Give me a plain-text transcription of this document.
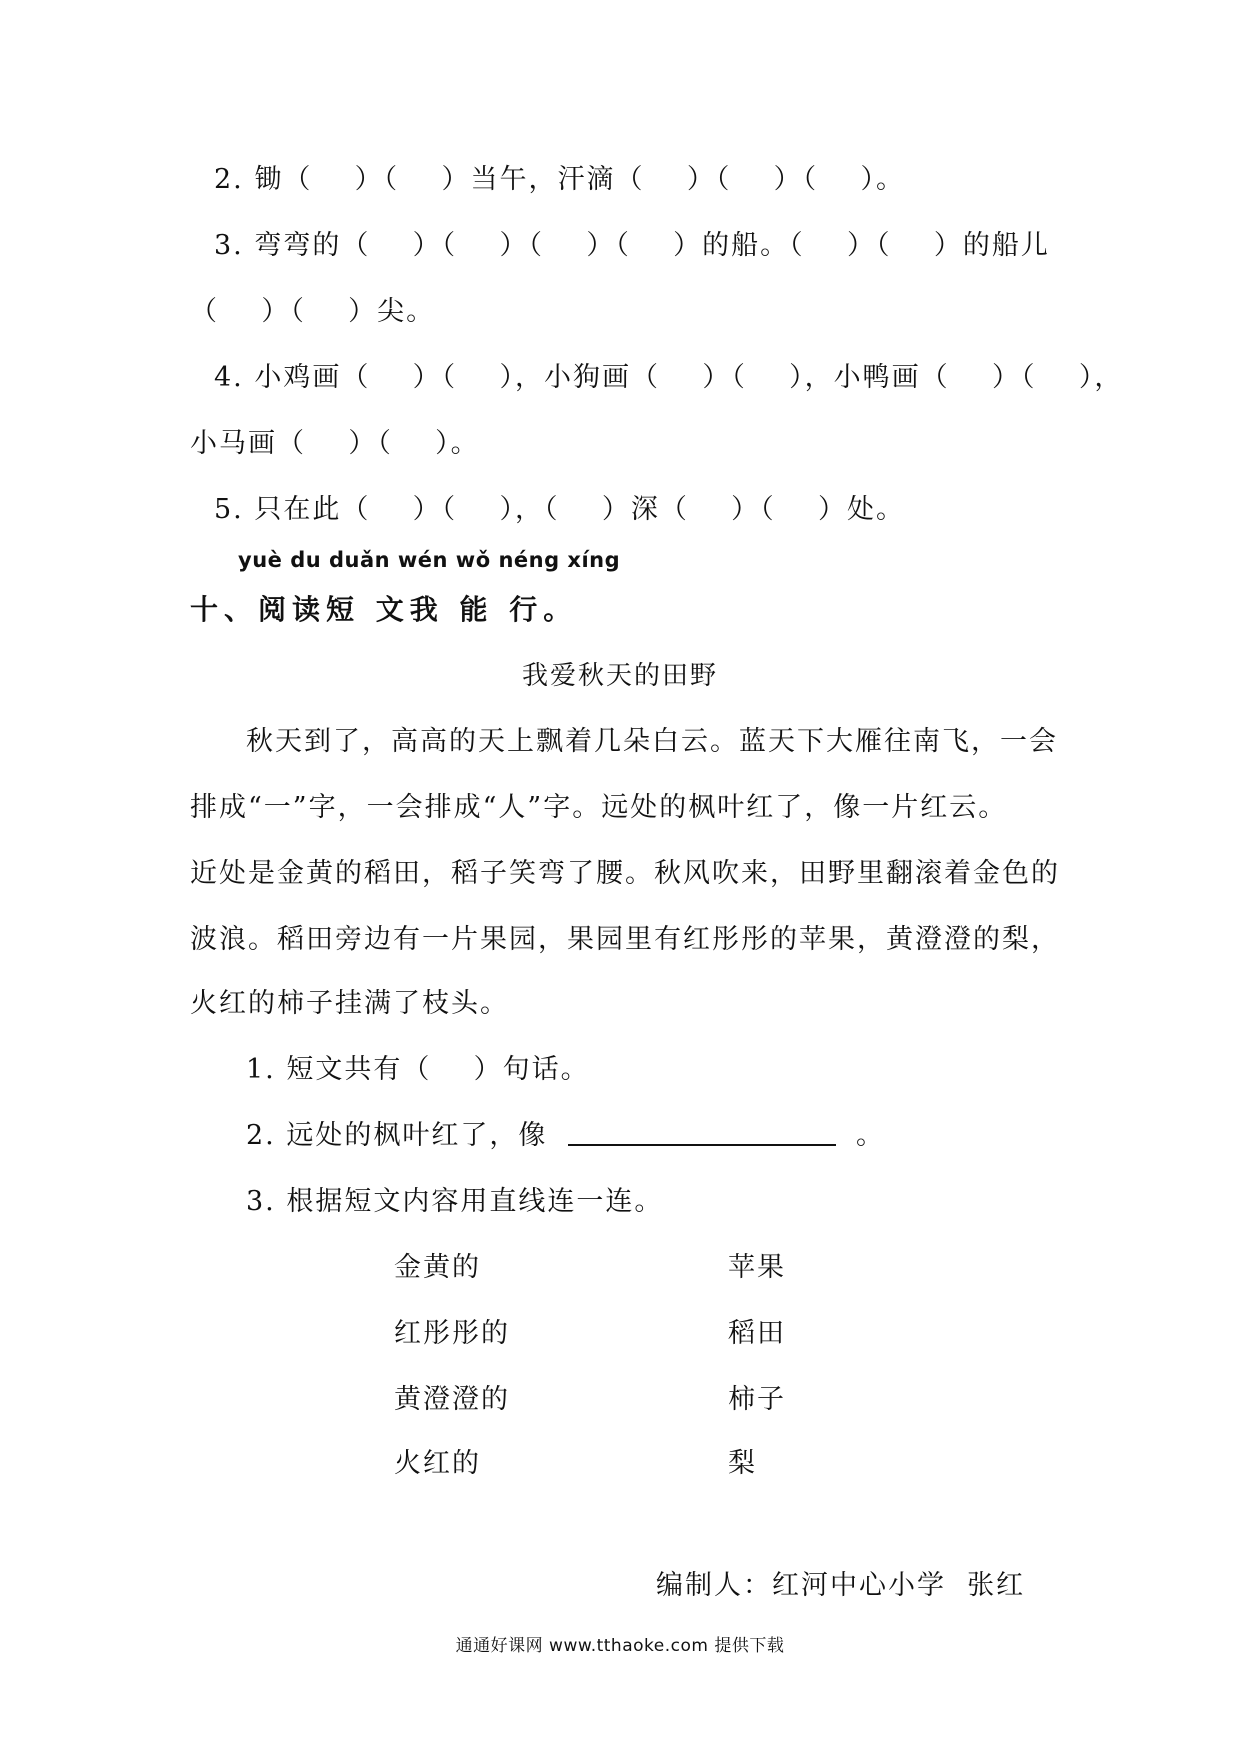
2. 锄（    ）（    ）当午，汗滴（    ）（    ）（    ）。
3. 弯弯的（    ）（    ）（    ）（    ）的船。（    ）（    ）的船儿
（    ）（    ）尖。
4. 小鸡画（    ）（    ），小狗画（    ）（    ），小鸭画（    ）（    ），
小马画（    ）（    ）。
5. 只在此（    ）（    ），（    ）深（    ）（    ）处。
yuè du duǎn wén wǒ néng xíng
十、阅读短 文我 能 行。
我爱秋天的田野
秋天到了，高高的天上飘着几朵白云。蓝天下大雁往南飞，一会
排成“一”字，一会排成“人”字。远处的枫叶红了，像一片红云。
近处是金黄的稻田，稻子笑弯了腰。秋风吹来，田野里翻滚着金色的
波浪。稻田旁边有一片果园，果园里有红彤彤的苹果，黄澄澄的梨，
火红的柿子挂满了枝头。
1. 短文共有（    ）句话。
2. 远处的枫叶红了，像	。
3. 根据短文内容用直线连一连。
金黄的	苹果
红彤彤的	稻田
黄澄澄的	柿子
火红的	梨
编制人：红河中心小学  张红
通通好课网 www.tthaoke.com 提供下载
